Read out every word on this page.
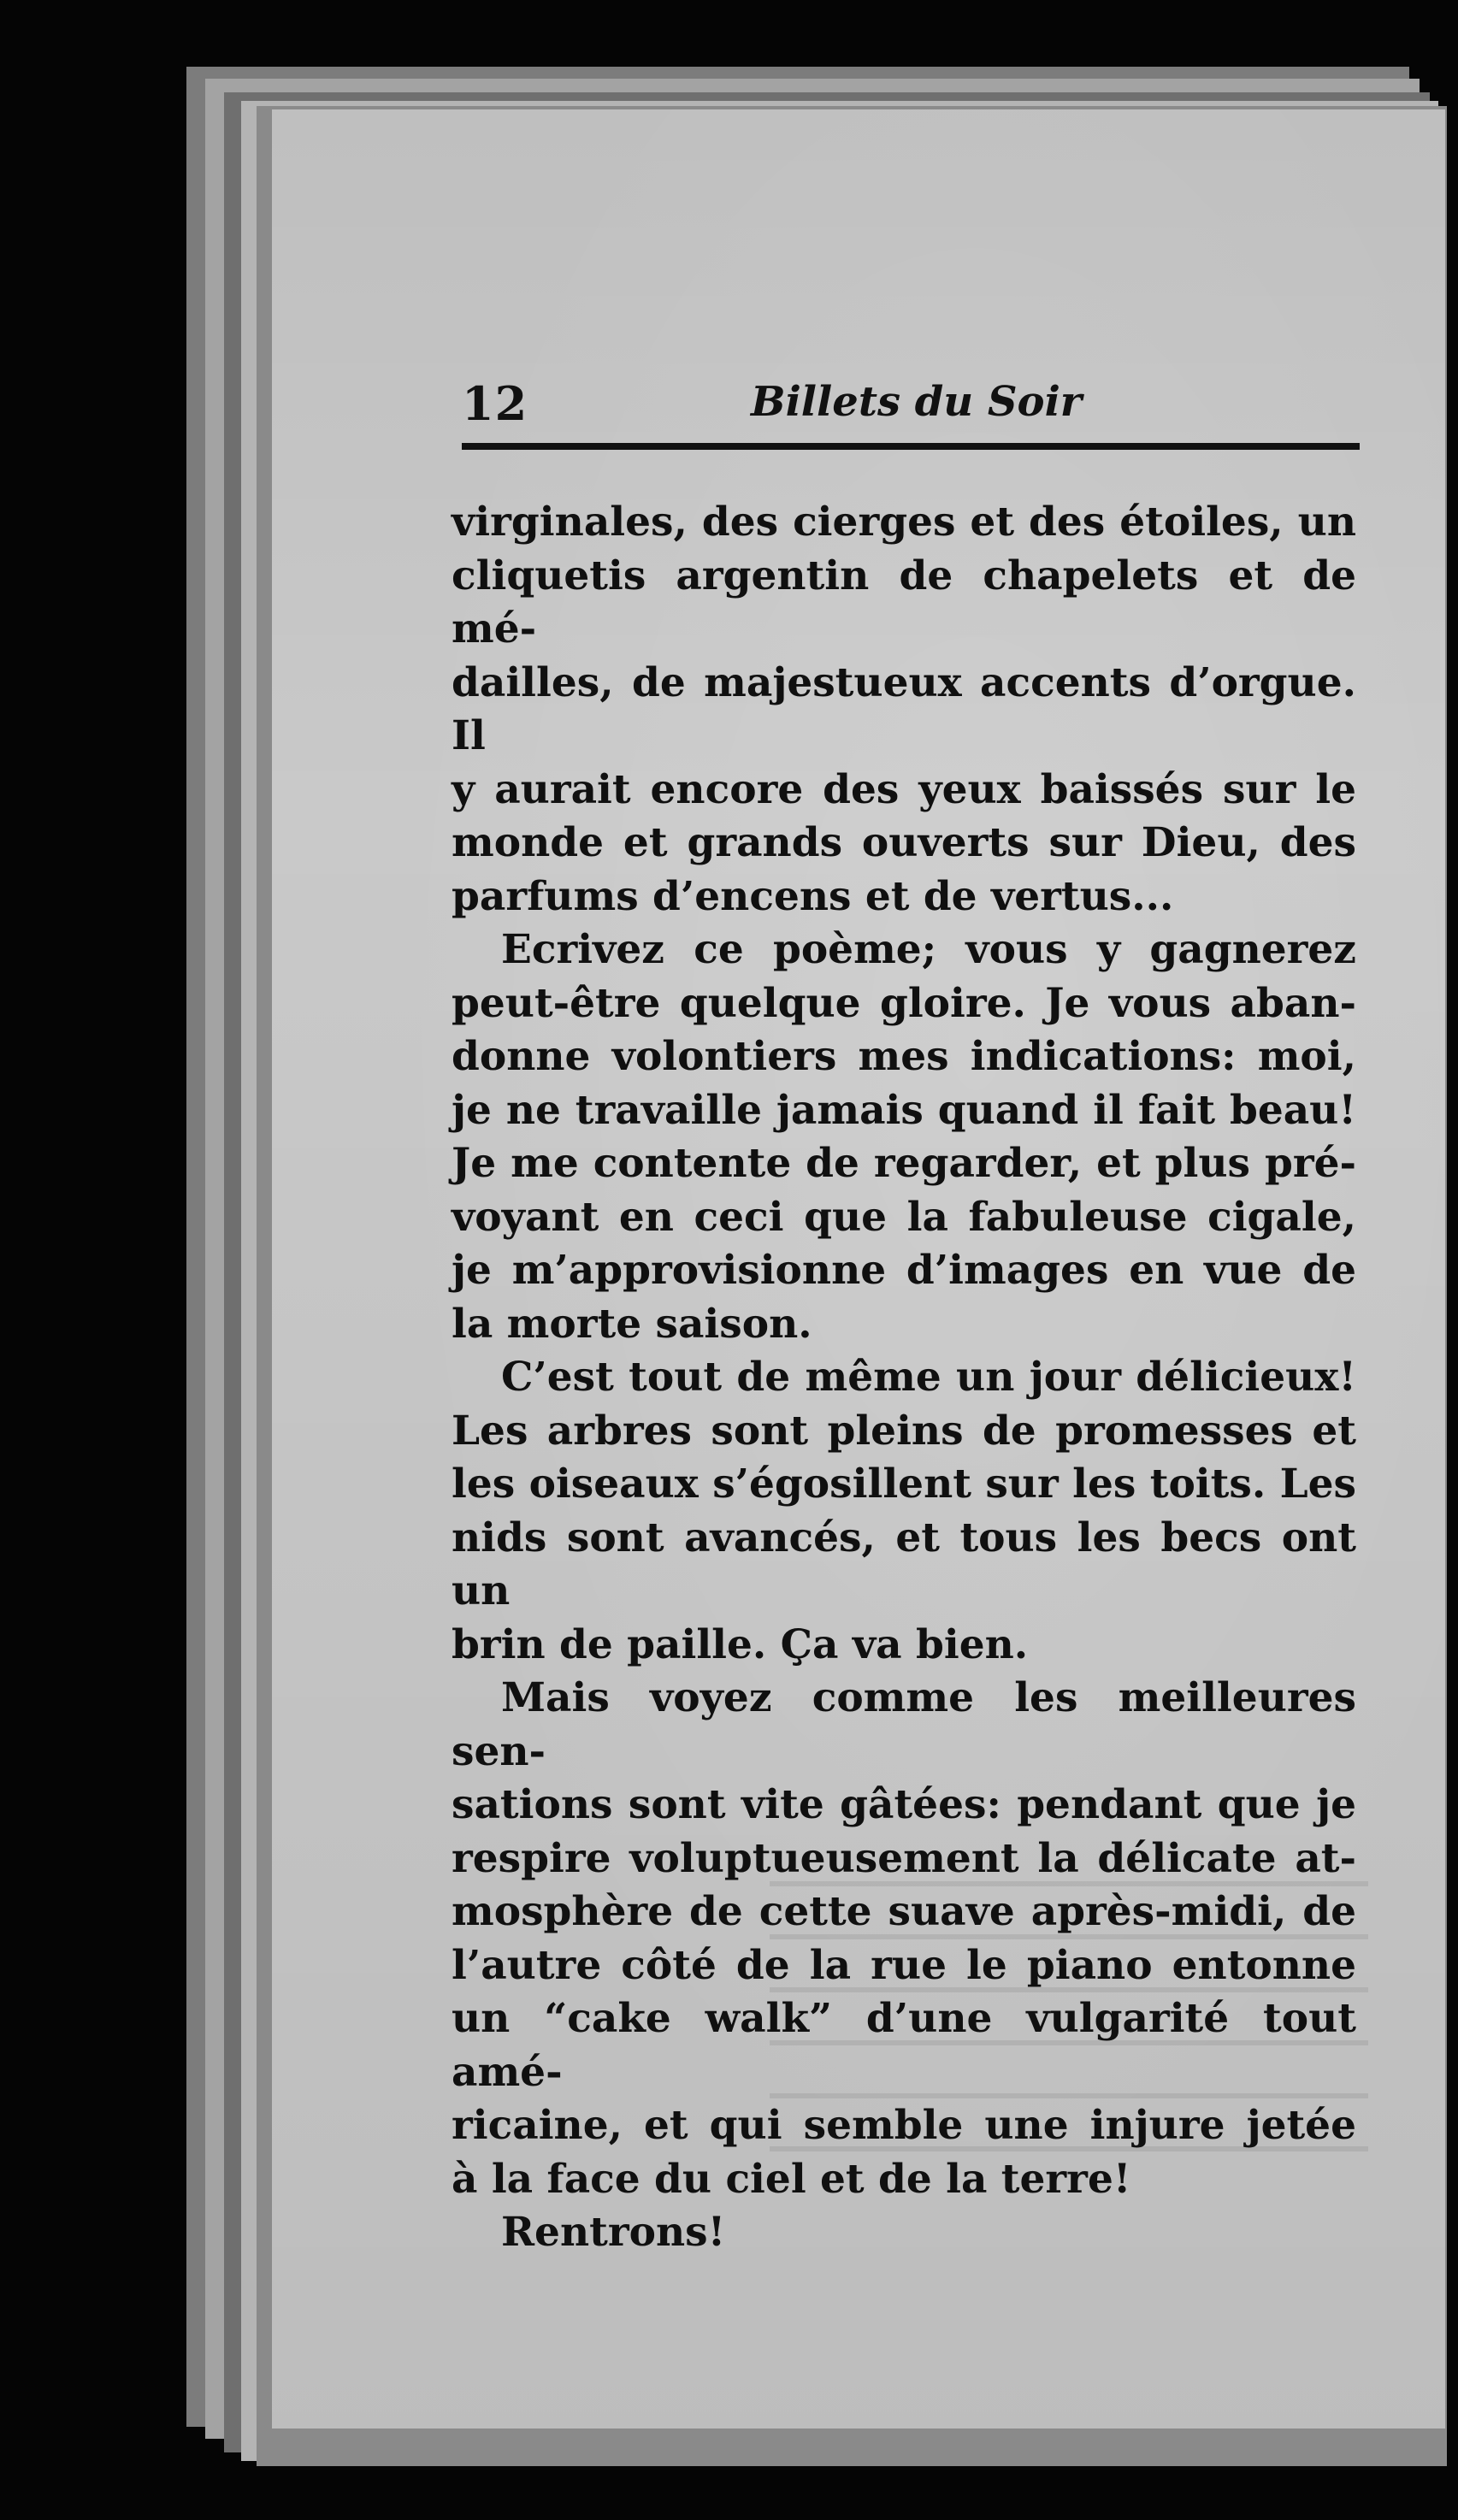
12	Billets du Soir

virginales, des cierges et des étoiles, un
cliquetis argentin de chapelets et de mé-
dailles, de majestueux accents d’orgue. Il
y aurait encore des yeux baissés sur le
monde et grands ouverts sur Dieu, des
parfums d’encens et de vertus...

Ecrivez ce poème; vous y gagnerez
peut-être quelque gloire. Je vous aban-
donne volontiers mes indications: moi,
je ne travaille jamais quand il fait beau!
Je me contente de regarder, et plus pré-
voyant en ceci que la fabuleuse cigale,
je m’approvisionne d’images en vue de
la morte saison.

C’est tout de même un jour délicieux!
Les arbres sont pleins de promesses et
les oiseaux s’égosillent sur les toits. Les
nids sont avancés, et tous les becs ont un
brin de paille. Ça va bien.

Mais voyez comme les meilleures sen-
sations sont vite gâtées: pendant que je
respire voluptueusement la délicate at-
mosphère de cette suave après-midi, de
l’autre côté de la rue le piano entonne
un “cake walk” d’une vulgarité tout amé-
ricaine, et qui semble une injure jetée
à la face du ciel et de la terre!

Rentrons!
